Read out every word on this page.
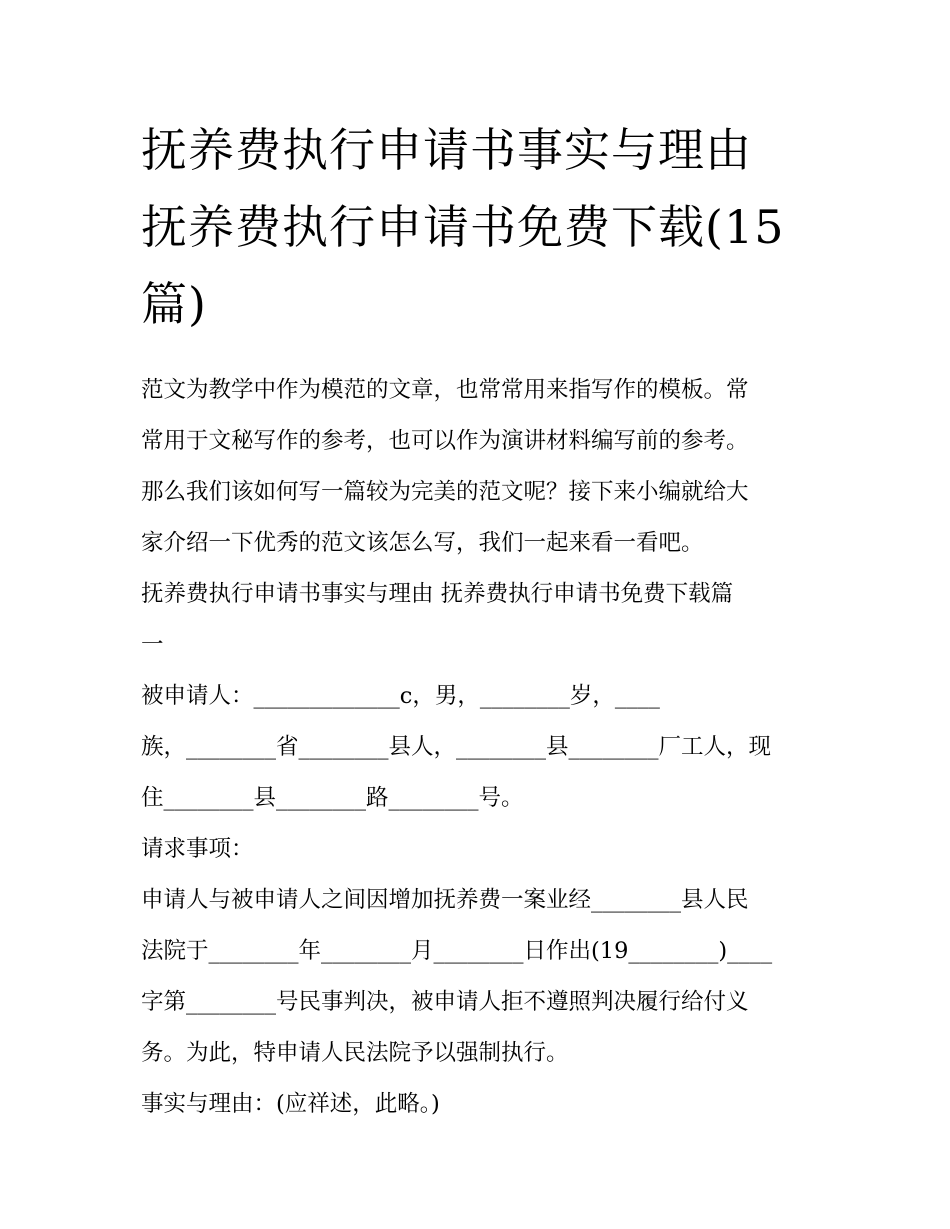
抚养费执行申请书事实与理由
抚养费执行申请书免费下载(15
篇)
范文为教学中作为模范的文章，也常常用来指写作的模板。常
常用于文秘写作的参考，也可以作为演讲材料编写前的参考。
那么我们该如何写一篇较为完美的范文呢？接下来小编就给大
家介绍一下优秀的范文该怎么写，我们一起来看一看吧。
抚养费执行申请书事实与理由 抚养费执行申请书免费下载篇
一
被申请人：_____________c，男，________岁，____
族，________省________县人，________县________厂工人，现
住________县________路________号。
请求事项：
申请人与被申请人之间因增加抚养费一案业经________县人民
法院于________年________月________日作出(19________)____
字第________号民事判决，被申请人拒不遵照判决履行给付义
务。为此，特申请人民法院予以强制执行。
事实与理由：(应祥述，此略。)
